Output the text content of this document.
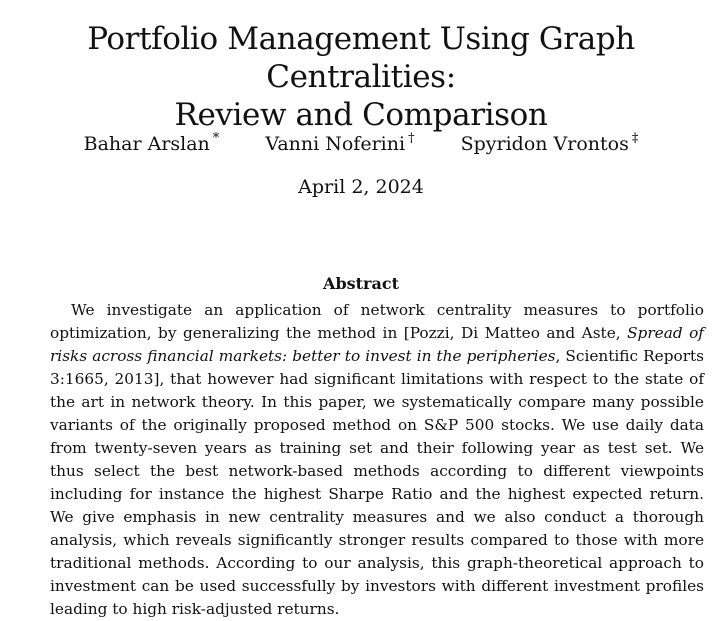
Portfolio Management Using Graph Centralities:
Review and Comparison
Bahar Arslan * Vanni Noferini † Spyridon Vrontos ‡
April 2, 2024
Abstract

We investigate an application of network centrality measures to portfolio optimization, by generalizing the method in [Pozzi, Di Matteo and Aste, Spread of risks across financial markets: better to invest in the peripheries, Scientific Reports 3:1665, 2013], that however had significant limitations with respect to the state of the art in network theory. In this paper, we systematically compare many possible variants of the originally proposed method on S&P 500 stocks. We use daily data from twenty-seven years as training set and their following year as test set. We thus select the best network-based methods according to different viewpoints including for instance the highest Sharpe Ratio and the highest expected return. We give emphasis in new centrality measures and we also conduct a thorough analysis, which reveals significantly stronger results compared to those with more traditional methods. According to our analysis, this graph-theoretical approach to investment can be used successfully by investors with different investment profiles leading to high risk-adjusted returns.
